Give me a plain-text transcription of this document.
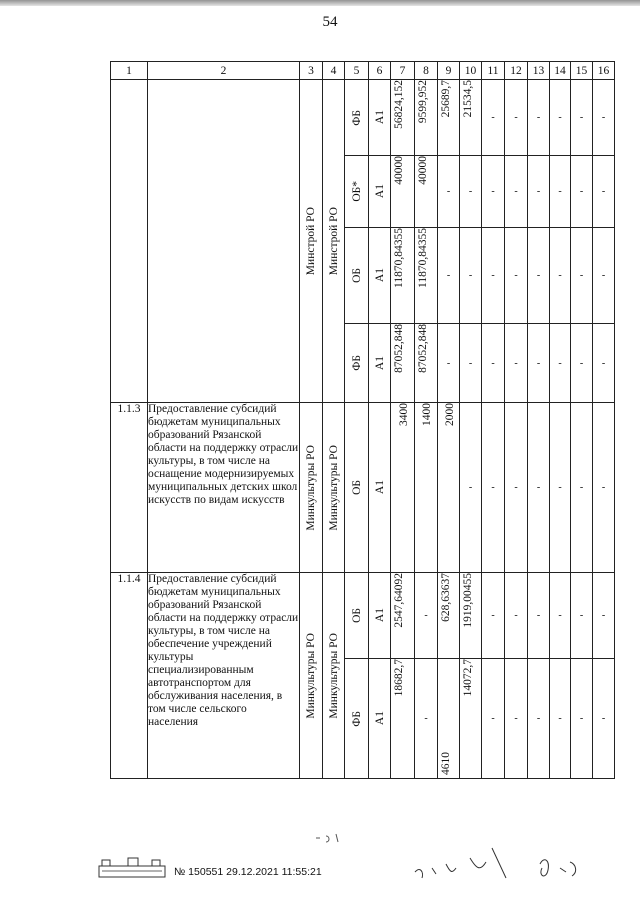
54
1	2	3	4	5	6	7	8	9	10	11	12	13	14	15	16

		Минстрой РО	Минстрой РО	ФБ	А1	56824,152	9599,952	25689,7	21534,5	-	-	-	-	-	-

				ОБ*	А1	40000	40000	-	-	-	-	-	-	-	-

				ОБ	А1	11870,84355	11870,84355	-	-	-	-	-	-	-	-

				ФБ	А1	87052,848	87052,848	-	-	-	-	-	-	-	-

1.1.3	Предоставление субсидий бюджетам муниципальных образований Рязанской области на поддержку отрасли культуры, в том числе на оснащение модернизируемых муниципальных детских школ искусств по видам искусств	Минкультуры РО	Минкультуры РО	ОБ	А1	3400	1400	2000	-	-	-	-	-	-	-

1.1.4	Предоставление субсидий бюджетам муниципальных образований Рязанской области на поддержку отрасли культуры, в том числе на обеспечение учреждений культуры специализированным автотранспортом для обслуживания населения, в том числе сельского населения	Минкультуры РО	Минкультуры РО	ОБ	А1	2547,64092	-	628,63637	1919,00455	-	-	-	-	-	-

				ФБ	А1	18682,7	-	4610	14072,7	-	-	-	-	-	-
№ 150551 29.12.2021 11:55:21
